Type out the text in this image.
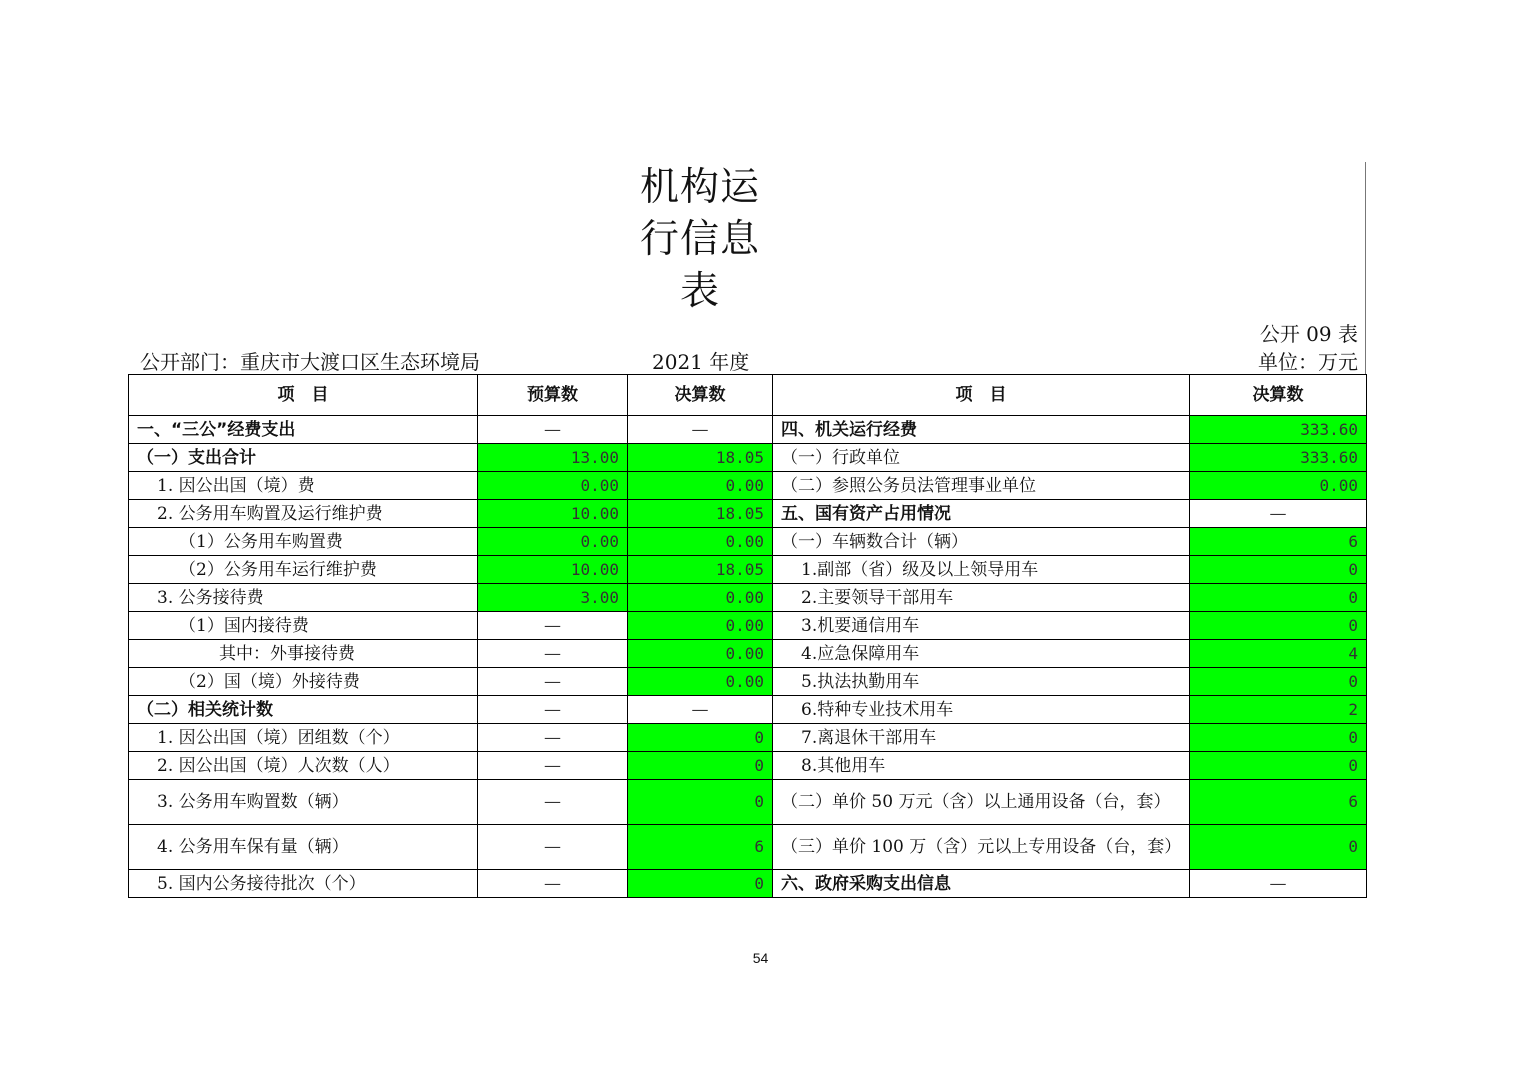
机构运
行信息
表
公开 09 表
公开部门：重庆市大渡口区生态环境局	2021 年度	单位：万元
项　目	预算数	决算数	项　目	决算数
一、“三公”经费支出	—	—	四、机关运行经费	333.60
（一）支出合计	13.00	18.05	（一）行政单位	333.60
1. 因公出国（境）费	0.00	0.00	（二）参照公务员法管理事业单位	0.00
2. 公务用车购置及运行维护费	10.00	18.05	五、国有资产占用情况	—
（1）公务用车购置费	0.00	0.00	（一）车辆数合计（辆）	6
（2）公务用车运行维护费	10.00	18.05	1.副部（省）级及以上领导用车	0
3. 公务接待费	3.00	0.00	2.主要领导干部用车	0
（1）国内接待费	—	0.00	3.机要通信用车	0
其中：外事接待费	—	0.00	4.应急保障用车	4
（2）国（境）外接待费	—	0.00	5.执法执勤用车	0
（二）相关统计数	—	—	6.特种专业技术用车	2
1. 因公出国（境）团组数（个）	—	0	7.离退休干部用车	0
2. 因公出国（境）人次数（人）	—	0	8.其他用车	0
3. 公务用车购置数（辆）	—	0	（二）单价 50 万元（含）以上通用设备（台，套）	6
4. 公务用车保有量（辆）	—	6	（三）单价 100 万（含）元以上专用设备（台，套）	0
5. 国内公务接待批次（个）	—	0	六、政府采购支出信息	—
54
